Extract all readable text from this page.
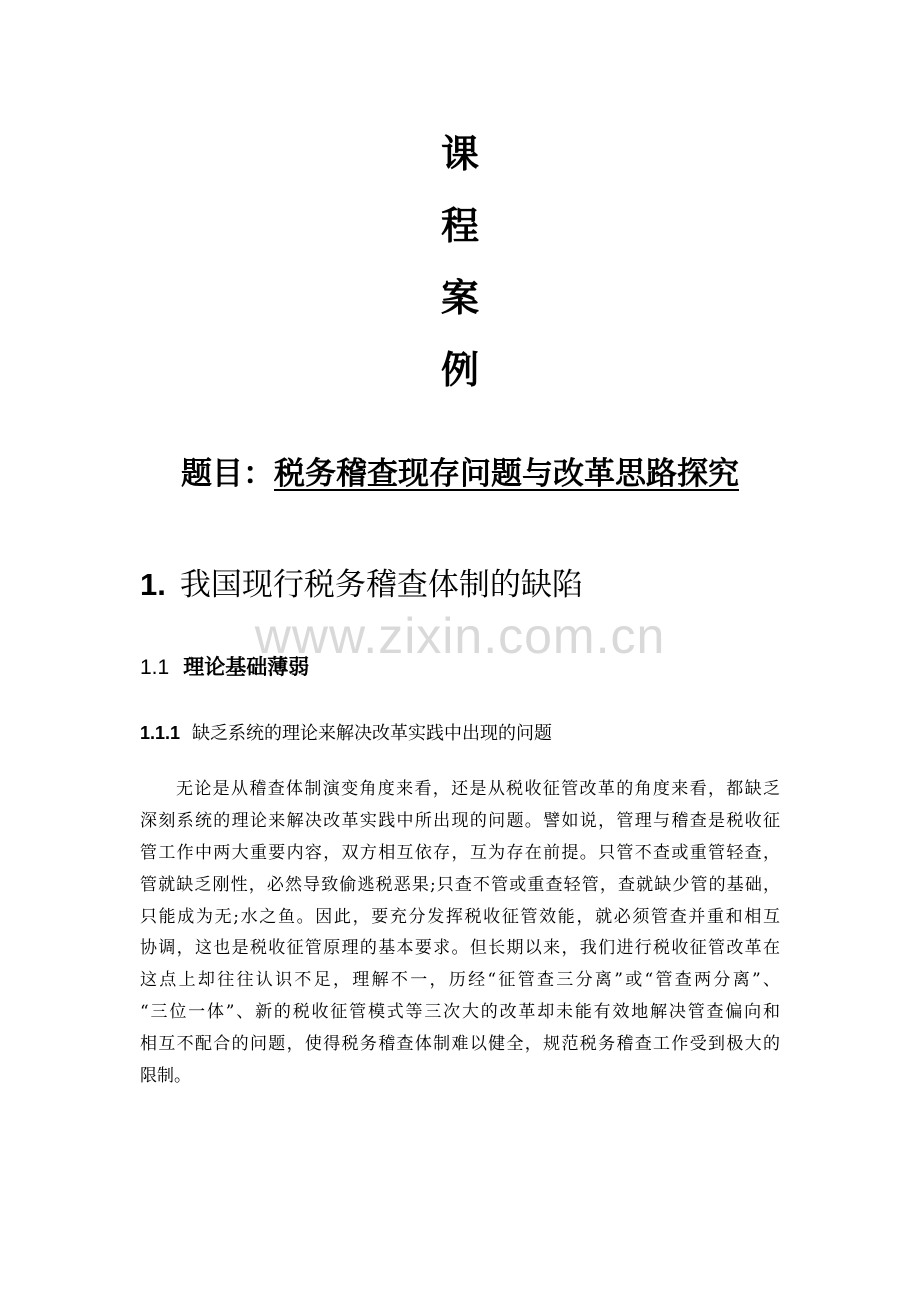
课
程
案
例
题目：税务稽查现存问题与改革思路探究
1. 我国现行税务稽查体制的缺陷
www.zixin.com.cn
1.1 理论基础薄弱
1.1.1 缺乏系统的理论来解决改革实践中出现的问题
无论是从稽查体制演变角度来看，还是从税收征管改革的角度来看，都缺乏
深刻系统的理论来解决改革实践中所出现的问题。譬如说，管理与稽查是税收征
管工作中两大重要内容，双方相互依存，互为存在前提。只管不查或重管轻查，
管就缺乏刚性，必然导致偷逃税恶果;只查不管或重查轻管，查就缺少管的基础，
只能成为无;水之鱼。因此，要充分发挥税收征管效能，就必须管查并重和相互
协调，这也是税收征管原理的基本要求。但长期以来，我们进行税收征管改革在
这点上却往往认识不足，理解不一，历经“征管查三分离”或“管查两分离”、
“三位一体”、新的税收征管模式等三次大的改革却未能有效地解决管查偏向和
相互不配合的问题，使得税务稽查体制难以健全，规范税务稽查工作受到极大的
限制。
